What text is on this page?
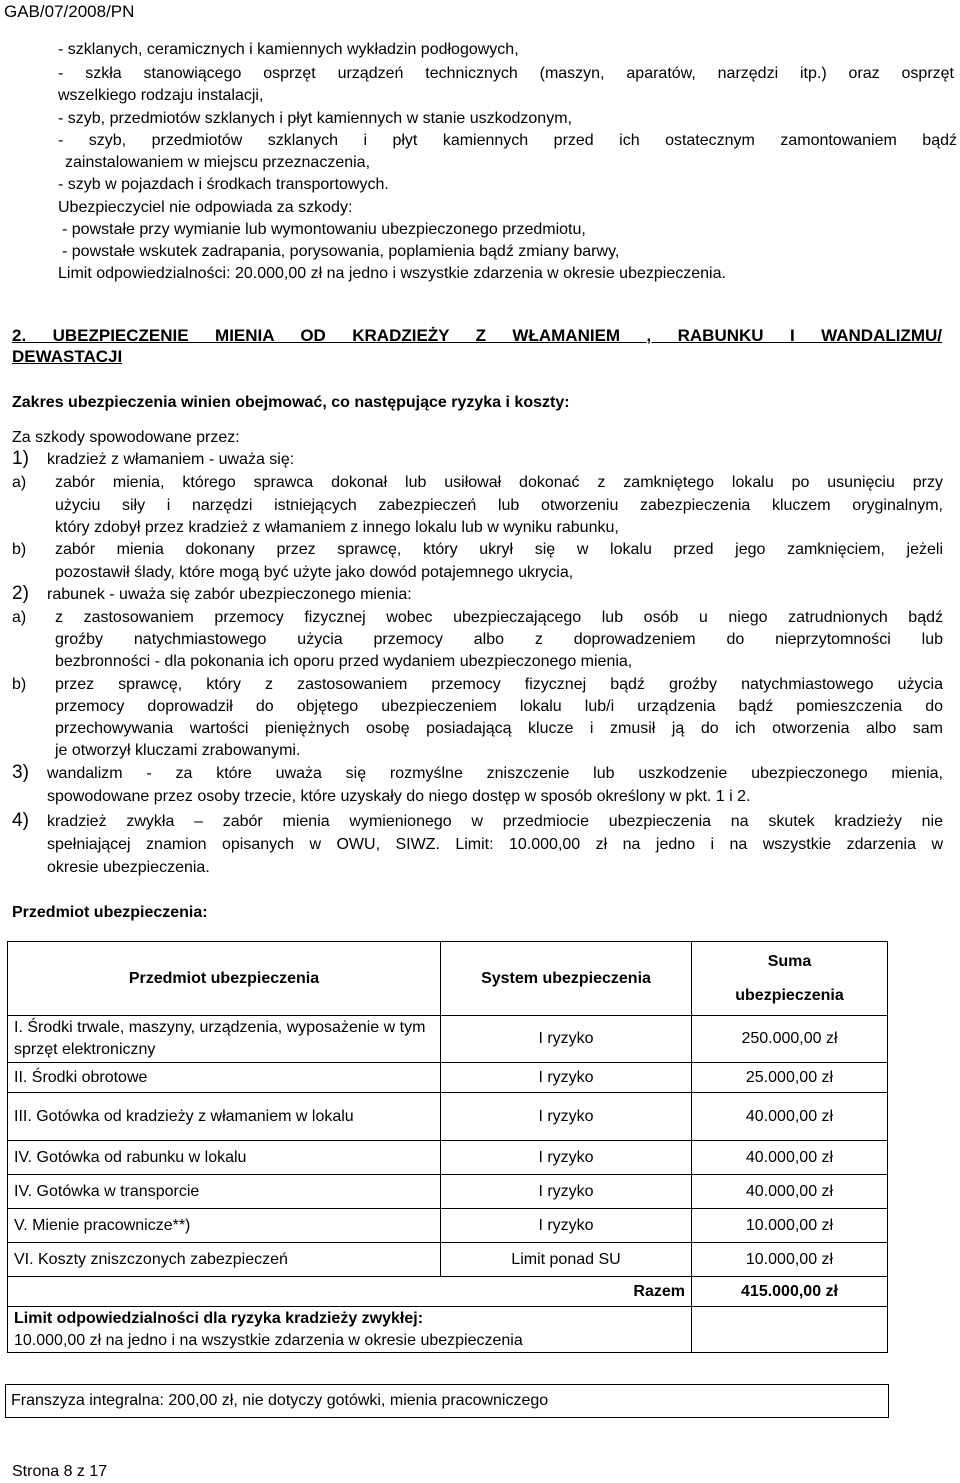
GAB/07/2008/PN
- szklanych, ceramicznych i kamiennych wykładzin podłogowych,
- szkła stanowiącego osprzęt urządzeń technicznych (maszyn, aparatów, narzędzi itp.) oraz osprzęt
wszelkiego rodzaju instalacji,
- szyb, przedmiotów szklanych i płyt kamiennych w stanie uszkodzonym,
- szyb, przedmiotów szklanych i płyt kamiennych przed ich ostatecznym zamontowaniem bądź
zainstalowaniem w miejscu przeznaczenia,
- szyb w pojazdach i środkach transportowych.
Ubezpieczyciel nie odpowiada za szkody:
- powstałe przy wymianie lub wymontowaniu ubezpieczonego przedmiotu,
- powstałe wskutek zadrapania, porysowania, poplamienia bądź zmiany barwy,
Limit odpowiedzialności: 20.000,00 zł na jedno i wszystkie zdarzenia w okresie ubezpieczenia.
2. UBEZPIECZENIE MIENIA OD KRADZIEŻY Z WŁAMANIEM , RABUNKU I WANDALIZMU/
DEWASTACJI
Zakres ubezpieczenia winien obejmować, co następujące ryzyka i koszty:
Za szkody spowodowane przez:
1) kradzież z włamaniem - uważa się:
a) zabór mienia, którego sprawca dokonał lub usiłował dokonać z zamkniętego lokalu po usunięciu przy
użyciu siły i narzędzi istniejących zabezpieczeń lub otworzeniu zabezpieczenia kluczem oryginalnym,
który zdobył przez kradzież z włamaniem z innego lokalu lub w wyniku rabunku,
b) zabór mienia dokonany przez sprawcę, który ukrył się w lokalu przed jego zamknięciem, jeżeli
pozostawił ślady, które mogą być użyte jako dowód potajemnego ukrycia,
2) rabunek - uważa się zabór ubezpieczonego mienia:
a) z zastosowaniem przemocy fizycznej wobec ubezpieczającego lub osób u niego zatrudnionych bądź
groźby natychmiastowego użycia przemocy albo z doprowadzeniem do nieprzytomności lub
bezbronności - dla pokonania ich oporu przed wydaniem ubezpieczonego mienia,
b) przez sprawcę, który z zastosowaniem przemocy fizycznej bądź groźby natychmiastowego użycia
przemocy doprowadził do objętego ubezpieczeniem lokalu lub/i urządzenia bądź pomieszczenia do
przechowywania wartości pieniężnych osobę posiadającą klucze i zmusił ją do ich otworzenia albo sam
je otworzył kluczami zrabowanymi.
3) wandalizm - za które uważa się rozmyślne zniszczenie lub uszkodzenie ubezpieczonego mienia,
spowodowane przez osoby trzecie, które uzyskały do niego dostęp w sposób określony w pkt. 1 i 2.
4) kradzież zwykła – zabór mienia wymienionego w przedmiocie ubezpieczenia na skutek kradzieży nie
spełniającej znamion opisanych w OWU, SIWZ. Limit: 10.000,00 zł na jedno i na wszystkie zdarzenia w
okresie ubezpieczenia.
Przedmiot ubezpieczenia:
Przedmiot ubezpieczenia	System ubezpieczenia	Suma
ubezpieczenia
I. Środki trwale, maszyny, urządzenia, wyposażenie w tym sprzęt elektroniczny	I ryzyko	250.000,00 zł
II. Środki obrotowe	I ryzyko	25.000,00 zł
III. Gotówka od kradzieży z włamaniem w lokalu	I ryzyko	40.000,00 zł
IV. Gotówka od rabunku w lokalu	I ryzyko	40.000,00 zł
IV. Gotówka w transporcie	I ryzyko	40.000,00 zł
V. Mienie pracownicze**)	I ryzyko	10.000,00 zł
VI. Koszty zniszczonych zabezpieczeń	Limit ponad SU	10.000,00 zł
Razem		415.000,00 zł
Limit odpowiedzialności dla ryzyka kradzieży zwykłej:
10.000,00 zł na jedno i na wszystkie zdarzenia w okresie ubezpieczenia		
Franszyza integralna: 200,00 zł, nie dotyczy gotówki, mienia pracowniczego
Strona 8 z 17
